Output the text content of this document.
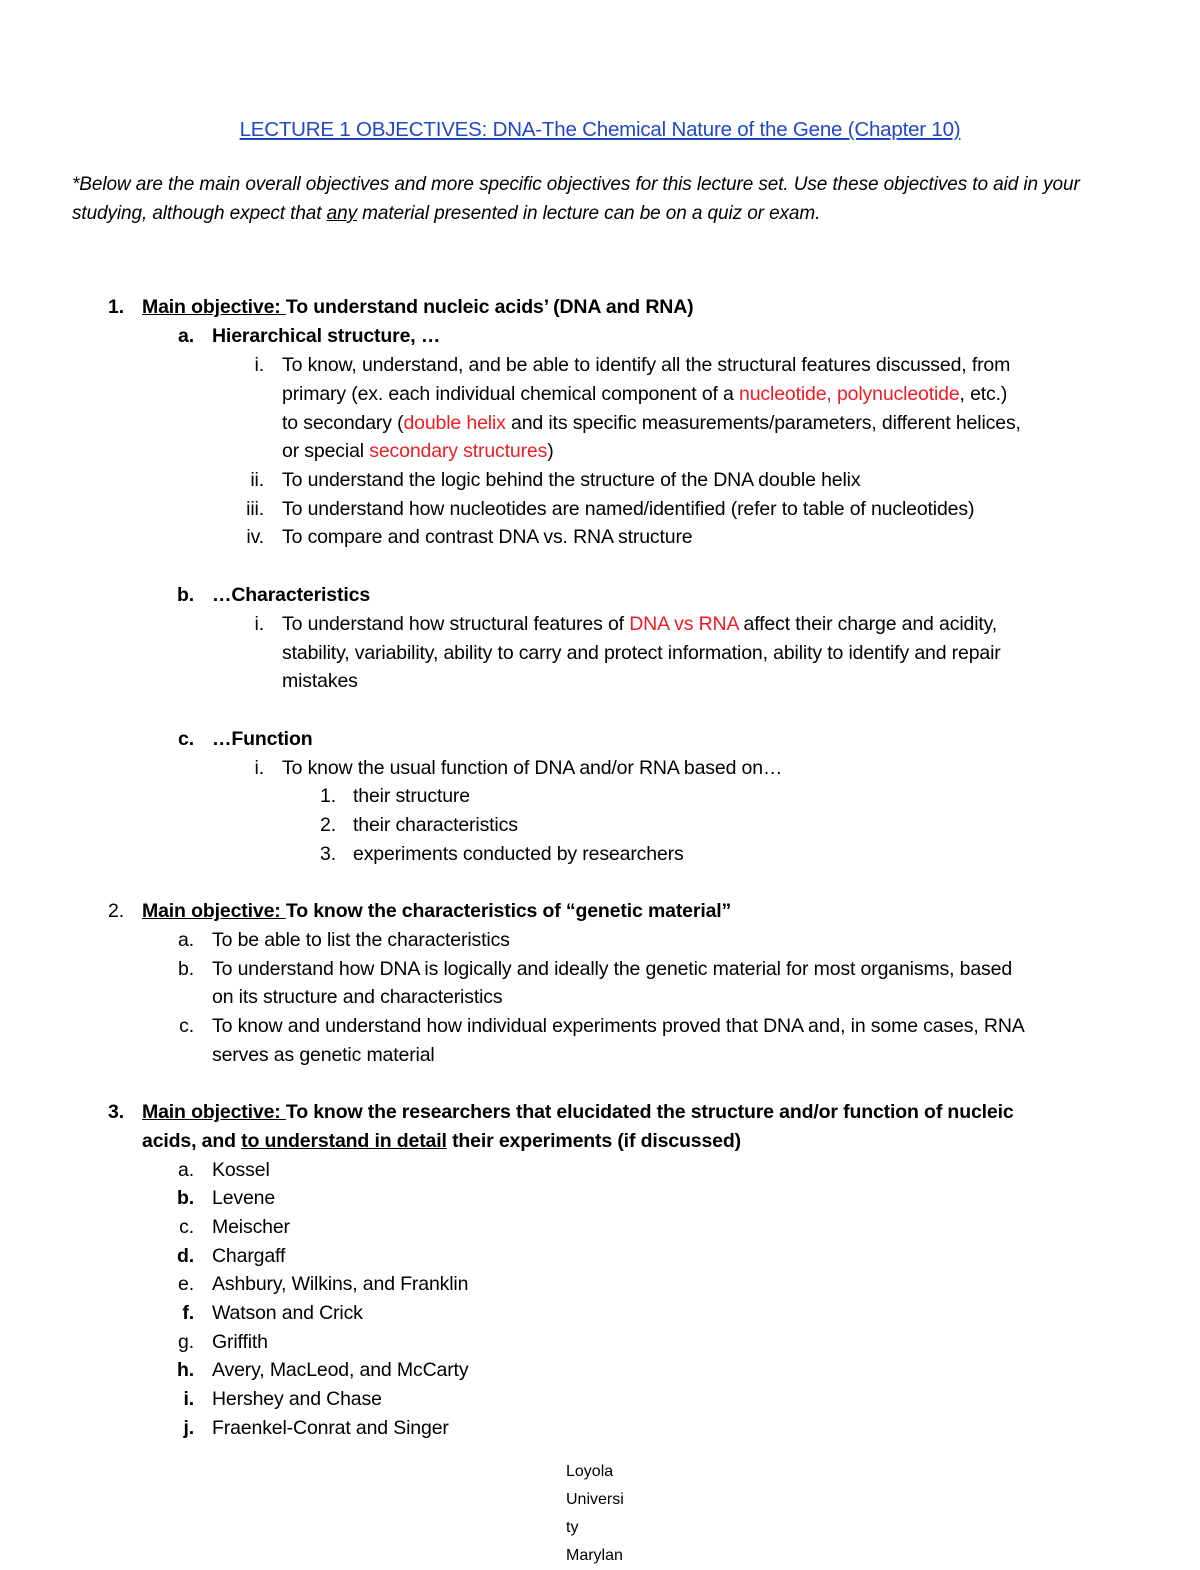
LECTURE 1 OBJECTIVES: DNA-The Chemical Nature of the Gene (Chapter 10)
*Below are the main overall objectives and more specific objectives for this lecture set. Use these objectives to aid in your studying, although expect that any material presented in lecture can be on a quiz or exam.
1. Main objective: To understand nucleic acids’ (DNA and RNA)
a. Hierarchical structure, …
i. To know, understand, and be able to identify all the structural features discussed, from
primary (ex. each individual chemical component of a nucleotide, polynucleotide, etc.)
to secondary (double helix and its specific measurements/parameters, different helices,
or special secondary structures)
ii. To understand the logic behind the structure of the DNA double helix
iii. To understand how nucleotides are named/identified (refer to table of nucleotides)
iv. To compare and contrast DNA vs. RNA structure
b. …Characteristics
i. To understand how structural features of DNA vs RNA affect their charge and acidity,
stability, variability, ability to carry and protect information, ability to identify and repair
mistakes
c. …Function
i. To know the usual function of DNA and/or RNA based on…
1. their structure
2. their characteristics
3. experiments conducted by researchers
2. Main objective: To know the characteristics of “genetic material”
a. To be able to list the characteristics
b. To understand how DNA is logically and ideally the genetic material for most organisms, based
on its structure and characteristics
c. To know and understand how individual experiments proved that DNA and, in some cases, RNA
serves as genetic material
3. Main objective: To know the researchers that elucidated the structure and/or function of nucleic
acids, and to understand in detail their experiments (if discussed)
a. Kossel
b. Levene
c. Meischer
d. Chargaff
e. Ashbury, Wilkins, and Franklin
f. Watson and Crick
g. Griffith
h. Avery, MacLeod, and McCarty
i. Hershey and Chase
j. Fraenkel-Conrat and Singer
Loyola
Universi
ty
Marylan
